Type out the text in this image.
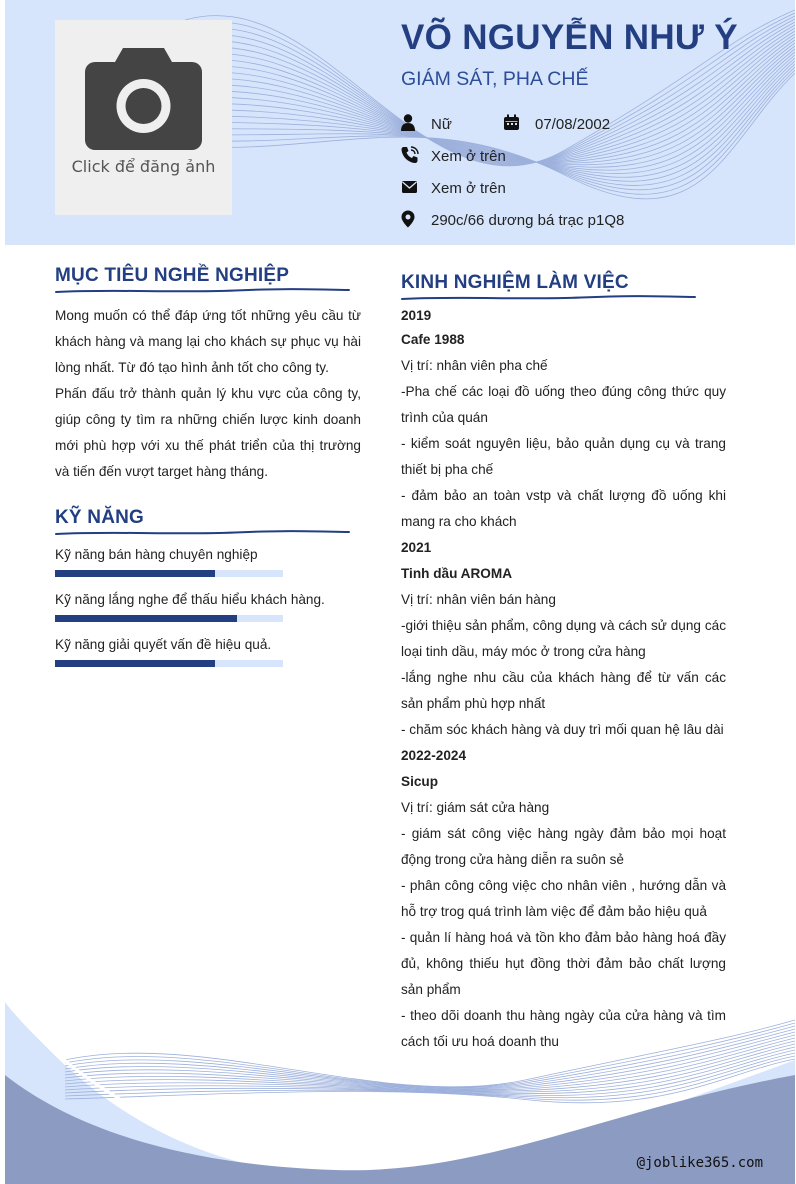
Click để đăng ảnh
VÕ NGUYỄN NHƯ Ý
GIÁM SÁT, PHA CHẾ
Nữ	07/08/2002
Xem ở trên
Xem ở trên
290c/66 dương bá trạc p1Q8
MỤC TIÊU NGHỀ NGHIỆP

Mong muốn có thể đáp ứng tốt những yêu cầu từ khách hàng và mang lại cho khách sự phục vụ hài lòng nhất. Từ đó tạo hình ảnh tốt cho công ty.

Phấn đấu trở thành quản lý khu vực của công ty, giúp công ty tìm ra những chiến lược kinh doanh mới phù hợp với xu thế phát triển của thị trường và tiến đến vượt target hàng tháng.

KỸ NĂNG
Kỹ năng bán hàng chuyên nghiệp
Kỹ năng lắng nghe để thấu hiểu khách hàng.
Kỹ năng giải quyết vấn đề hiệu quả.
KINH NGHIỆM LÀM VIỆC

2019

Cafe 1988

Vị trí: nhân viên pha chế

-Pha chế các loại đồ uống theo đúng công thức quy trình của quán

- kiểm soát nguyên liệu, bảo quản dụng cụ và trang thiết bị pha chế

- đảm bảo an toàn vstp và chất lượng đồ uống khi mang ra cho khách

2021

Tinh dầu AROMA

Vị trí: nhân viên bán hàng

-giới thiệu sản phẩm, công dụng và cách sử dụng các loại tinh dầu, máy móc ở trong cửa hàng

-lắng nghe nhu cầu của khách hàng để từ vấn các sản phẩm phù hợp nhất

- chăm sóc khách hàng và duy trì mối quan hệ lâu dài

2022-2024

Sicup

Vị trí: giám sát cửa hàng

- giám sát công việc hàng ngày đảm bảo mọi hoạt động trong cửa hàng diễn ra suôn sẻ

- phân công công việc cho nhân viên , hướng dẫn và hỗ trợ trog quá trình làm việc để đảm bảo hiệu quả

- quản lí hàng hoá và tồn kho đảm bảo hàng hoá đầy đủ, không thiếu hụt đồng thời đảm bảo chất lượng sản phẩm

- theo dõi doanh thu hàng ngày của cửa hàng và tìm cách tối ưu hoá doanh thu

@joblike365.com
